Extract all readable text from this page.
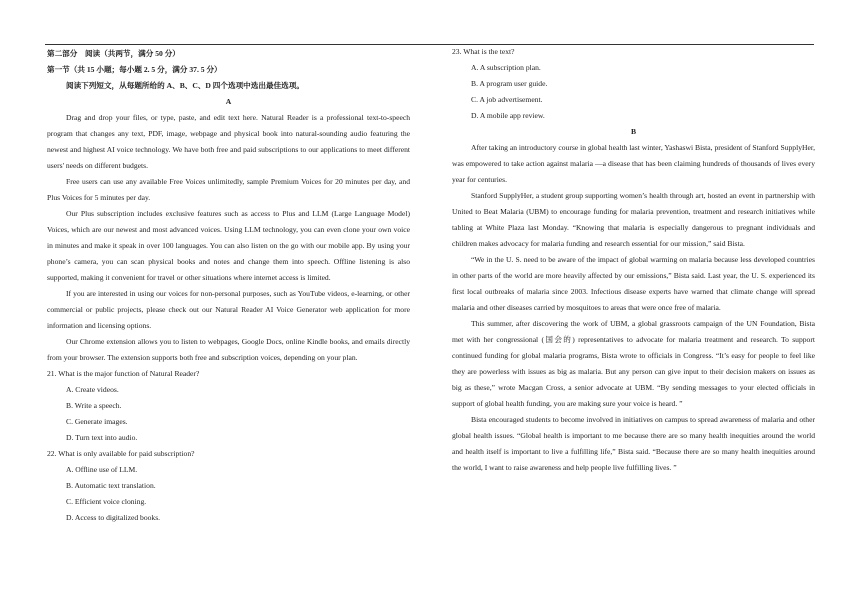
第二部分　阅读（共两节，满分 50 分）
第一节（共 15 小题；每小题 2. 5 分，满分 37. 5 分）
阅读下列短文，从每题所给的 A、B、C、D 四个选项中选出最佳选项。
A

Drag and drop your files, or type, paste, and edit text here. Natural Reader is a professional text-to-speech program that changes any text, PDF, image, webpage and physical book into natural-sounding audio featuring the newest and highest AI voice technology. We have both free and paid subscriptions to our applications to meet different users' needs on different budgets.

Free users can use any available Free Voices unlimitedly, sample Premium Voices for 20 minutes per day, and Plus Voices for 5 minutes per day.

Our Plus subscription includes exclusive features such as access to Plus and LLM (Large Language Model) Voices, which are our newest and most advanced voices. Using LLM technology, you can even clone your own voice in minutes and make it speak in over 100 languages. You can also listen on the go with our mobile app. By using your phone’s camera, you can scan physical books and notes and change them into speech. Offline listening is also supported, making it convenient for travel or other situations where internet access is limited.

If you are interested in using our voices for non-personal purposes, such as YouTube videos, e-learning, or other commercial or public projects, please check out our Natural Reader AI Voice Generator web application for more information and licensing options.

Our Chrome extension allows you to listen to webpages, Google Docs, online Kindle books, and emails directly from your browser. The extension supports both free and subscription voices, depending on your plan.

21. What is the major function of Natural Reader?
A. Create videos.
B. Write a speech.
C. Generate images.
D. Turn text into audio.
22. What is only available for paid subscription?
A. Offline use of LLM.
B. Automatic text translation.
C. Efficient voice cloning.
D. Access to digitalized books.
23. What is the text?
A. A subscription plan.
B. A program user guide.
C. A job advertisement.
D. A mobile app review.
B

After taking an introductory course in global health last winter, Yashaswi Bista, president of Stanford SupplyHer, was empowered to take action against malaria —a disease that has been claiming hundreds of thousands of lives every year for centuries.

Stanford SupplyHer, a student group supporting women’s health through art, hosted an event in partnership with United to Beat Malaria (UBM) to encourage funding for malaria prevention, treatment and research initiatives while tabling at White Plaza last Monday. “Knowing that malaria is especially dangerous to pregnant individuals and children makes advocacy for malaria funding and research essential for our mission,” said Bista.

“We in the U. S. need to be aware of the impact of global warming on malaria because less developed countries in other parts of the world are more heavily affected by our emissions,” Bista said. Last year, the U. S. experienced its first local outbreaks of malaria since 2003. Infectious disease experts have warned that climate change will spread malaria and other diseases carried by mosquitoes to areas that were once free of malaria.

This summer, after discovering the work of UBM, a global grassroots campaign of the UN Foundation, Bista met with her congressional (国会的) representatives to advocate for malaria treatment and research. To support continued funding for global malaria programs, Bista wrote to officials in Congress. “It’s easy for people to feel like they are powerless with issues as big as malaria. But any person can give input to their decision makers on issues as big as these,” wrote Macgan Cross, a senior advocate at UBM. “By sending messages to your elected officials in support of global health funding, you are making sure your voice is heard. ”

Bista encouraged students to become involved in initiatives on campus to spread awareness of malaria and other global health issues. “Global health is important to me because there are so many health inequities around the world and health itself is important to live a fulfilling life,” Bista said. “Because there are so many health inequities around the world, I want to raise awareness and help people live fulfilling lives. ”
